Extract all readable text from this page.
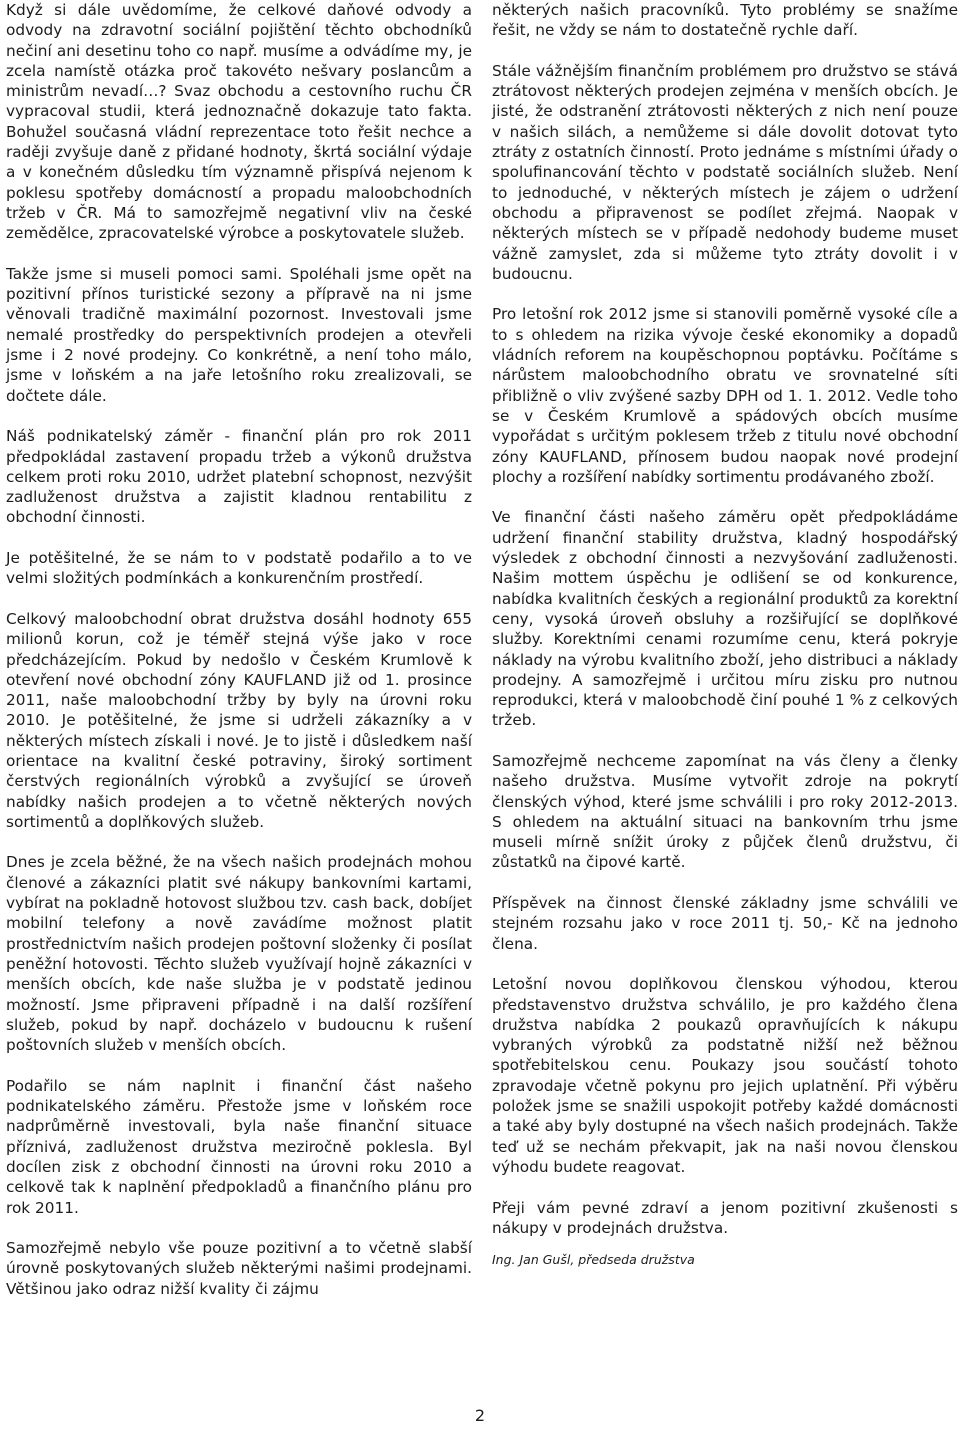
Když si dále uvědomíme, že celkové daňové odvody a odvody na zdravotní sociální pojištění těchto obchodníků nečiní ani desetinu toho co např. musíme a odvádíme my, je zcela namístě otázka proč takovéto nešvary poslancům a ministrům nevadí…? Svaz obchodu a cestovního ruchu ČR vypracoval studii, která jednoznačně dokazuje tato fakta. Bohužel současná vládní reprezentace toto řešit nechce a raději zvyšuje daně z přidané hodnoty, škrtá sociální výdaje a v konečném důsledku tím významně přispívá nejenom k poklesu spotřeby domácností a propadu maloobchodních tržeb v ČR. Má to samozřejmě negativní vliv na české zemědělce, zpracovatelské výrobce a poskytovatele služeb.

Takže jsme si museli pomoci sami. Spoléhali jsme opět na pozitivní přínos turistické sezony a přípravě na ni jsme věnovali tradičně maximální pozornost. Investovali jsme nemalé prostředky do perspektivních prodejen a otevřeli jsme i 2 nové prodejny. Co konkrétně, a není toho málo, jsme v loňském a na jaře letošního roku zrealizovali, se dočtete dále.

Náš podnikatelský záměr - finanční plán pro rok 2011 předpokládal zastavení propadu tržeb a výkonů družstva celkem proti roku 2010, udržet platební schopnost, nezvýšit zadluženost družstva a zajistit kladnou rentabilitu z obchodní činnosti.

Je potěšitelné, že se nám to v podstatě podařilo a to ve velmi složitých podmínkách a konkurenčním prostředí.

Celkový maloobchodní obrat družstva dosáhl hodnoty 655 milionů korun, což je téměř stejná výše jako v roce předcházejícím. Pokud by nedošlo v Českém Krumlově k otevření nové obchodní zóny KAUFLAND již od 1. prosince 2011, naše maloobchodní tržby by byly na úrovni roku 2010. Je potěšitelné, že jsme si udrželi zákazníky a v některých místech získali i nové. Je to jistě i důsledkem naší orientace na kvalitní české potraviny, široký sortiment čerstvých regionálních výrobků a zvyšující se úroveň nabídky našich prodejen a to včetně některých nových sortimentů a doplňkových služeb.

Dnes je zcela běžné, že na všech našich prodejnách mohou členové a zákazníci platit své nákupy bankovními kartami, vybírat na pokladně hotovost službou tzv. cash back, dobíjet mobilní telefony a nově zavádíme možnost platit prostřednictvím našich prodejen poštovní složenky či posílat peněžní hotovosti. Těchto služeb využívají hojně zákazníci v menších obcích, kde naše služba je v podstatě jedinou možností. Jsme připraveni případně i na další rozšíření služeb, pokud by např. docházelo v budoucnu k rušení poštovních služeb v menších obcích.

Podařilo se nám naplnit i finanční část našeho podnikatelského záměru. Přestože jsme v loňském roce nadprůměrně investovali, byla naše finanční situace příznivá, zadluženost družstva meziročně poklesla. Byl docílen zisk z obchodní činnosti na úrovni roku 2010 a celkově tak k naplnění předpokladů a finančního plánu pro rok 2011.

Samozřejmě nebylo vše pouze pozitivní a to včetně slabší úrovně poskytovaných služeb některými našimi prodejnami. Většinou jako odraz nižší kvality či zájmu

některých našich pracovníků. Tyto problémy se snažíme řešit, ne vždy se nám to dostatečně rychle daří.

Stále vážnějším finančním problémem pro družstvo se stává ztrátovost některých prodejen zejména v menších obcích. Je jisté, že odstranění ztrátovosti některých z nich není pouze v našich silách, a nemůžeme si dále dovolit dotovat tyto ztráty z ostatních činností. Proto jednáme s místními úřady o spolufinancování těchto v podstatě sociálních služeb. Není to jednoduché, v některých místech je zájem o udržení obchodu a připravenost se podílet zřejmá. Naopak v některých místech se v případě nedohody budeme muset vážně zamyslet, zda si můžeme tyto ztráty dovolit i v budoucnu.

Pro letošní rok 2012 jsme si stanovili poměrně vysoké cíle a to s ohledem na rizika vývoje české ekonomiky a dopadů vládních reforem na koupěschopnou poptávku. Počítáme s nárůstem maloobchodního obratu ve srovnatelné síti přibližně o vliv zvýšené sazby DPH od 1. 1. 2012. Vedle toho se v Českém Krumlově a spádových obcích musíme vypořádat s určitým poklesem tržeb z titulu nové obchodní zóny KAUFLAND, přínosem budou naopak nové prodejní plochy a rozšíření nabídky sortimentu prodávaného zboží.

Ve finanční části našeho záměru opět předpokládáme udržení finanční stability družstva, kladný hospodářský výsledek z obchodní činnosti a nezvyšování zadluženosti. Našim mottem úspěchu je odlišení se od konkurence, nabídka kvalitních českých a regionální produktů za korektní ceny, vysoká úroveň obsluhy a rozšiřující se doplňkové služby. Korektními cenami rozumíme cenu, která pokryje náklady na výrobu kvalitního zboží, jeho distribuci a náklady prodejny. A samozřejmě i určitou míru zisku pro nutnou reprodukci, která v maloobchodě činí pouhé 1 % z celkových tržeb.

Samozřejmě nechceme zapomínat na vás členy a členky našeho družstva. Musíme vytvořit zdroje na pokrytí členských výhod, které jsme schválili i pro roky 2012-2013. S ohledem na aktuální situaci na bankovním trhu jsme museli mírně snížit úroky z půjček členů družstvu, či zůstatků na čipové kartě.

Příspěvek na činnost členské základny jsme schválili ve stejném rozsahu jako v roce 2011 tj. 50,- Kč na jednoho člena.

Letošní novou doplňkovou členskou výhodou, kterou představenstvo družstva schválilo, je pro každého člena družstva nabídka 2 poukazů opravňujících k nákupu vybraných výrobků za podstatně nižší než běžnou spotřebitelskou cenu. Poukazy jsou součástí tohoto zpravodaje včetně pokynu pro jejich uplatnění. Při výběru položek jsme se snažili uspokojit potřeby každé domácnosti a také aby byly dostupné na všech našich prodejnách. Takže teď už se nechám překvapit, jak na naši novou členskou výhodu budete reagovat.

Přeji vám pevné zdraví a jenom pozitivní zkušenosti s nákupy v prodejnách družstva.

Ing. Jan Gušl, předseda družstva
2
